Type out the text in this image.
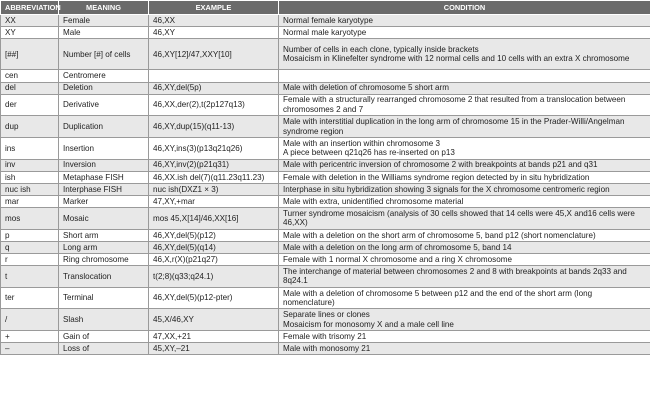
ABBREVIATION	MEANING	EXAMPLE	CONDITION
XX	Female	46,XX	Normal female karyotype

XY	Male	46,XY	Normal male karyotype

[##]	Number [#] of cells	46,XY[12]/47,XXY[10]	Number of cells in each clone, typically inside brackets
Mosaicism in Klinefelter syndrome with 12 normal cells and 10 cells with an extra X chromosome

cen	Centromere		

del	Deletion	46,XY,del(5p)	Male with deletion of chromosome 5 short arm

der	Derivative	46,XX,der(2),t(2p127q13)	Female with a structurally rearranged chromosome 2 that resulted from a translocation between chromosomes 2 and 7

dup	Duplication	46,XY,dup(15)(q11-13)	Male with interstitial duplication in the long arm of chromosome 15 in the Prader-Willi/Angelman syndrome region

ins	Insertion	46,XY,ins(3)(p13q21q26)	Male with an insertion within chromosome 3
A piece between q21q26 has re-inserted on p13

inv	Inversion	46,XY,inv(2)(p21q31)	Male with pericentric inversion of chromosome 2 with breakpoints at bands p21 and q31

ish	Metaphase FISH	46,XX.ish del(7)(q11.23q11.23)	Female with deletion in the Williams syndrome region detected by in situ hybridization

nuc ish	Interphase FISH	nuc ish(DXZ1 × 3)	Interphase in situ hybridization showing 3 signals for the X chromosome centromeric region

mar	Marker	47,XY,+mar	Male with extra, unidentified chromosome material

mos	Mosaic	mos 45,X[14]/46,XX[16]	Turner syndrome mosaicism (analysis of 30 cells showed that 14 cells were 45,X and16 cells were 46,XX)

p	Short arm	46,XY,del(5)(p12)	Male with a deletion on the short arm of chromosome 5, band p12 (short nomenclature)

q	Long arm	46,XY,del(5)(q14)	Male with a deletion on the long arm of chromosome 5, band 14

r	Ring chromosome	46,X,r(X)(p21q27)	Female with 1 normal X chromosome and a ring X chromosome

t	Translocation	t(2;8)(q33;q24.1)	The interchange of material between chromosomes 2 and 8 with breakpoints at bands 2q33 and 8q24.1

ter	Terminal	46,XY,del(5)(p12-pter)	Male with a deletion of chromosome 5 between p12 and the end of the short arm (long nomenclature)

/	Slash	45,X/46,XY	Separate lines or clones
Mosaicism for monosomy X and a male cell line

+	Gain of	47,XX,+21	Female with trisomy 21

–	Loss of	45,XY,–21	Male with monosomy 21
